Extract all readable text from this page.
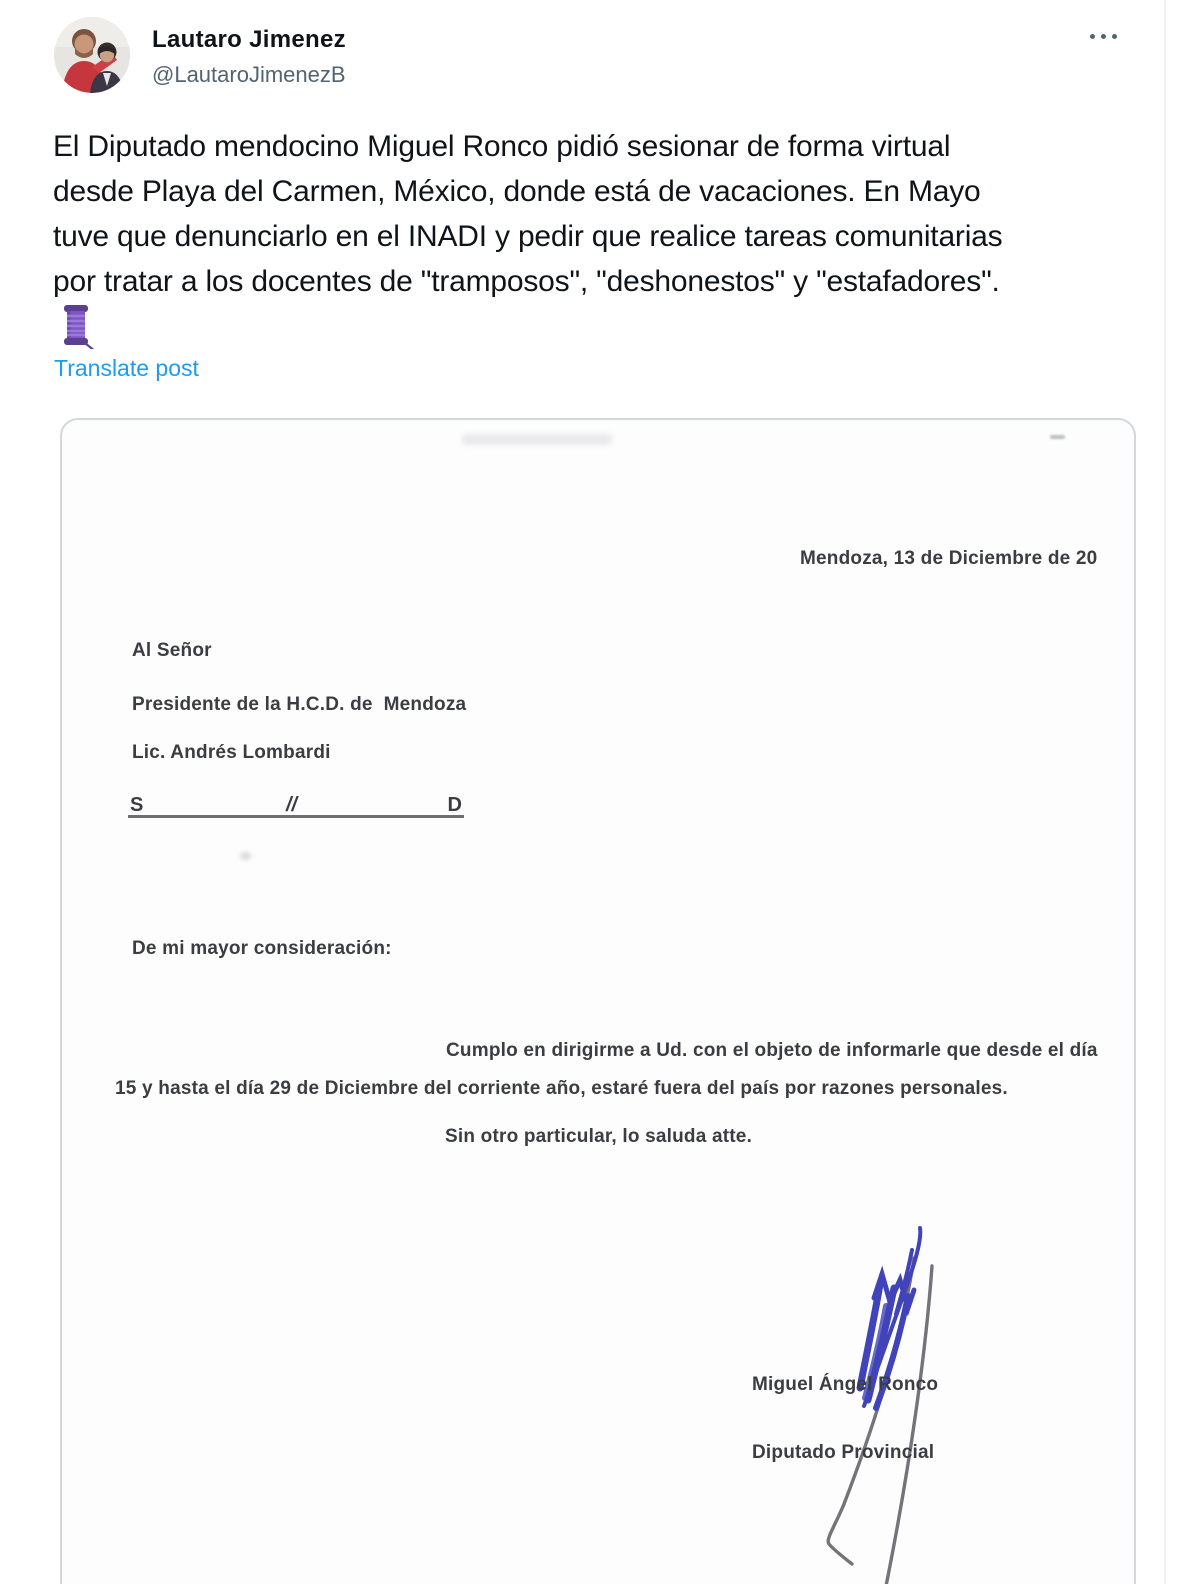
Lautaro Jimenez
@LautaroJimenezB
El Diputado mendocino Miguel Ronco pidió sesionar de forma virtual
desde Playa del Carmen, México, donde está de vacaciones. En Mayo
tuve que denunciarlo en el INADI y pedir que realice tareas comunitarias
por tratar a los docentes de "tramposos", "deshonestos" y "estafadores".
Translate post
Mendoza, 13 de Diciembre de 20
Al Señor
Presidente de la H.C.D. de  Mendoza
Lic. Andrés Lombardi
S	//	D
De mi mayor consideración:
Cumplo en dirigirme a Ud. con el objeto de informarle que desde el día
15 y hasta el día 29 de Diciembre del corriente año, estaré fuera del país por razones personales.
Sin otro particular, lo saluda atte.
Miguel Ángel Ronco
Diputado Provincial
